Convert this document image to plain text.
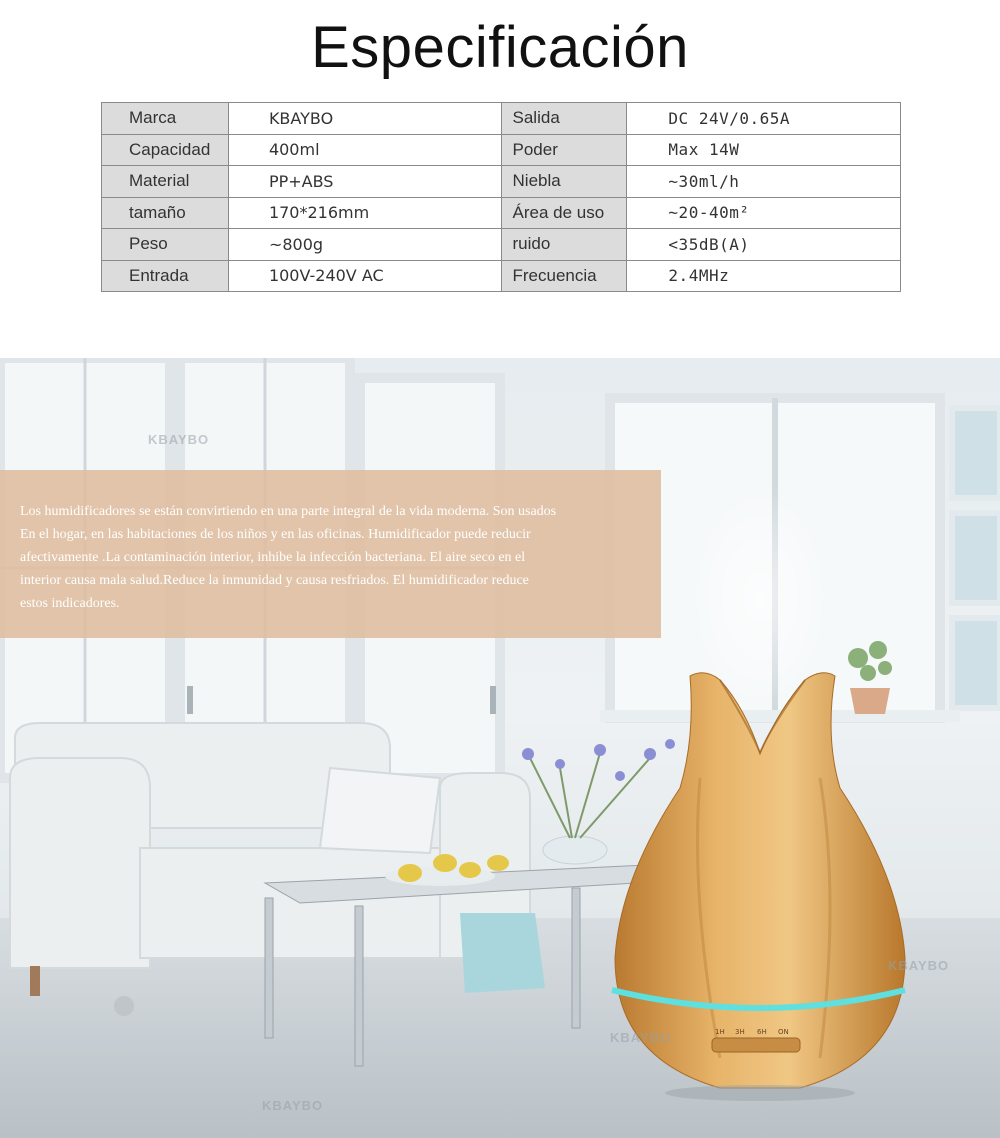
Especificación
Marca	KBAYBO	Salida	DC 24V/0.65A
Capacidad	400ml	Poder	Max 14W
Material	PP+ABS	Niebla	~30ml/h
tamaño	170*216mm	Área de uso	~20-40m²
Peso	~800g	ruido	<35dB(A)
Entrada	100V-240V AC	Frecuencia	2.4MHz
1H 3H 6H ON
KBAYBO
KBAYBO
KBAYBO
KBAYBO

Los humidificadores se están convirtiendo en una parte integral de la vida moderna. Son usados

En el hogar, en las habitaciones de los niños y en las oficinas. Humidificador puede reducir

afectivamente .La contaminación interior, inhibe la infección bacteriana. El aire seco en el

interior causa mala salud.Reduce la inmunidad y causa resfriados. El humidificador reduce

estos indicadores.
